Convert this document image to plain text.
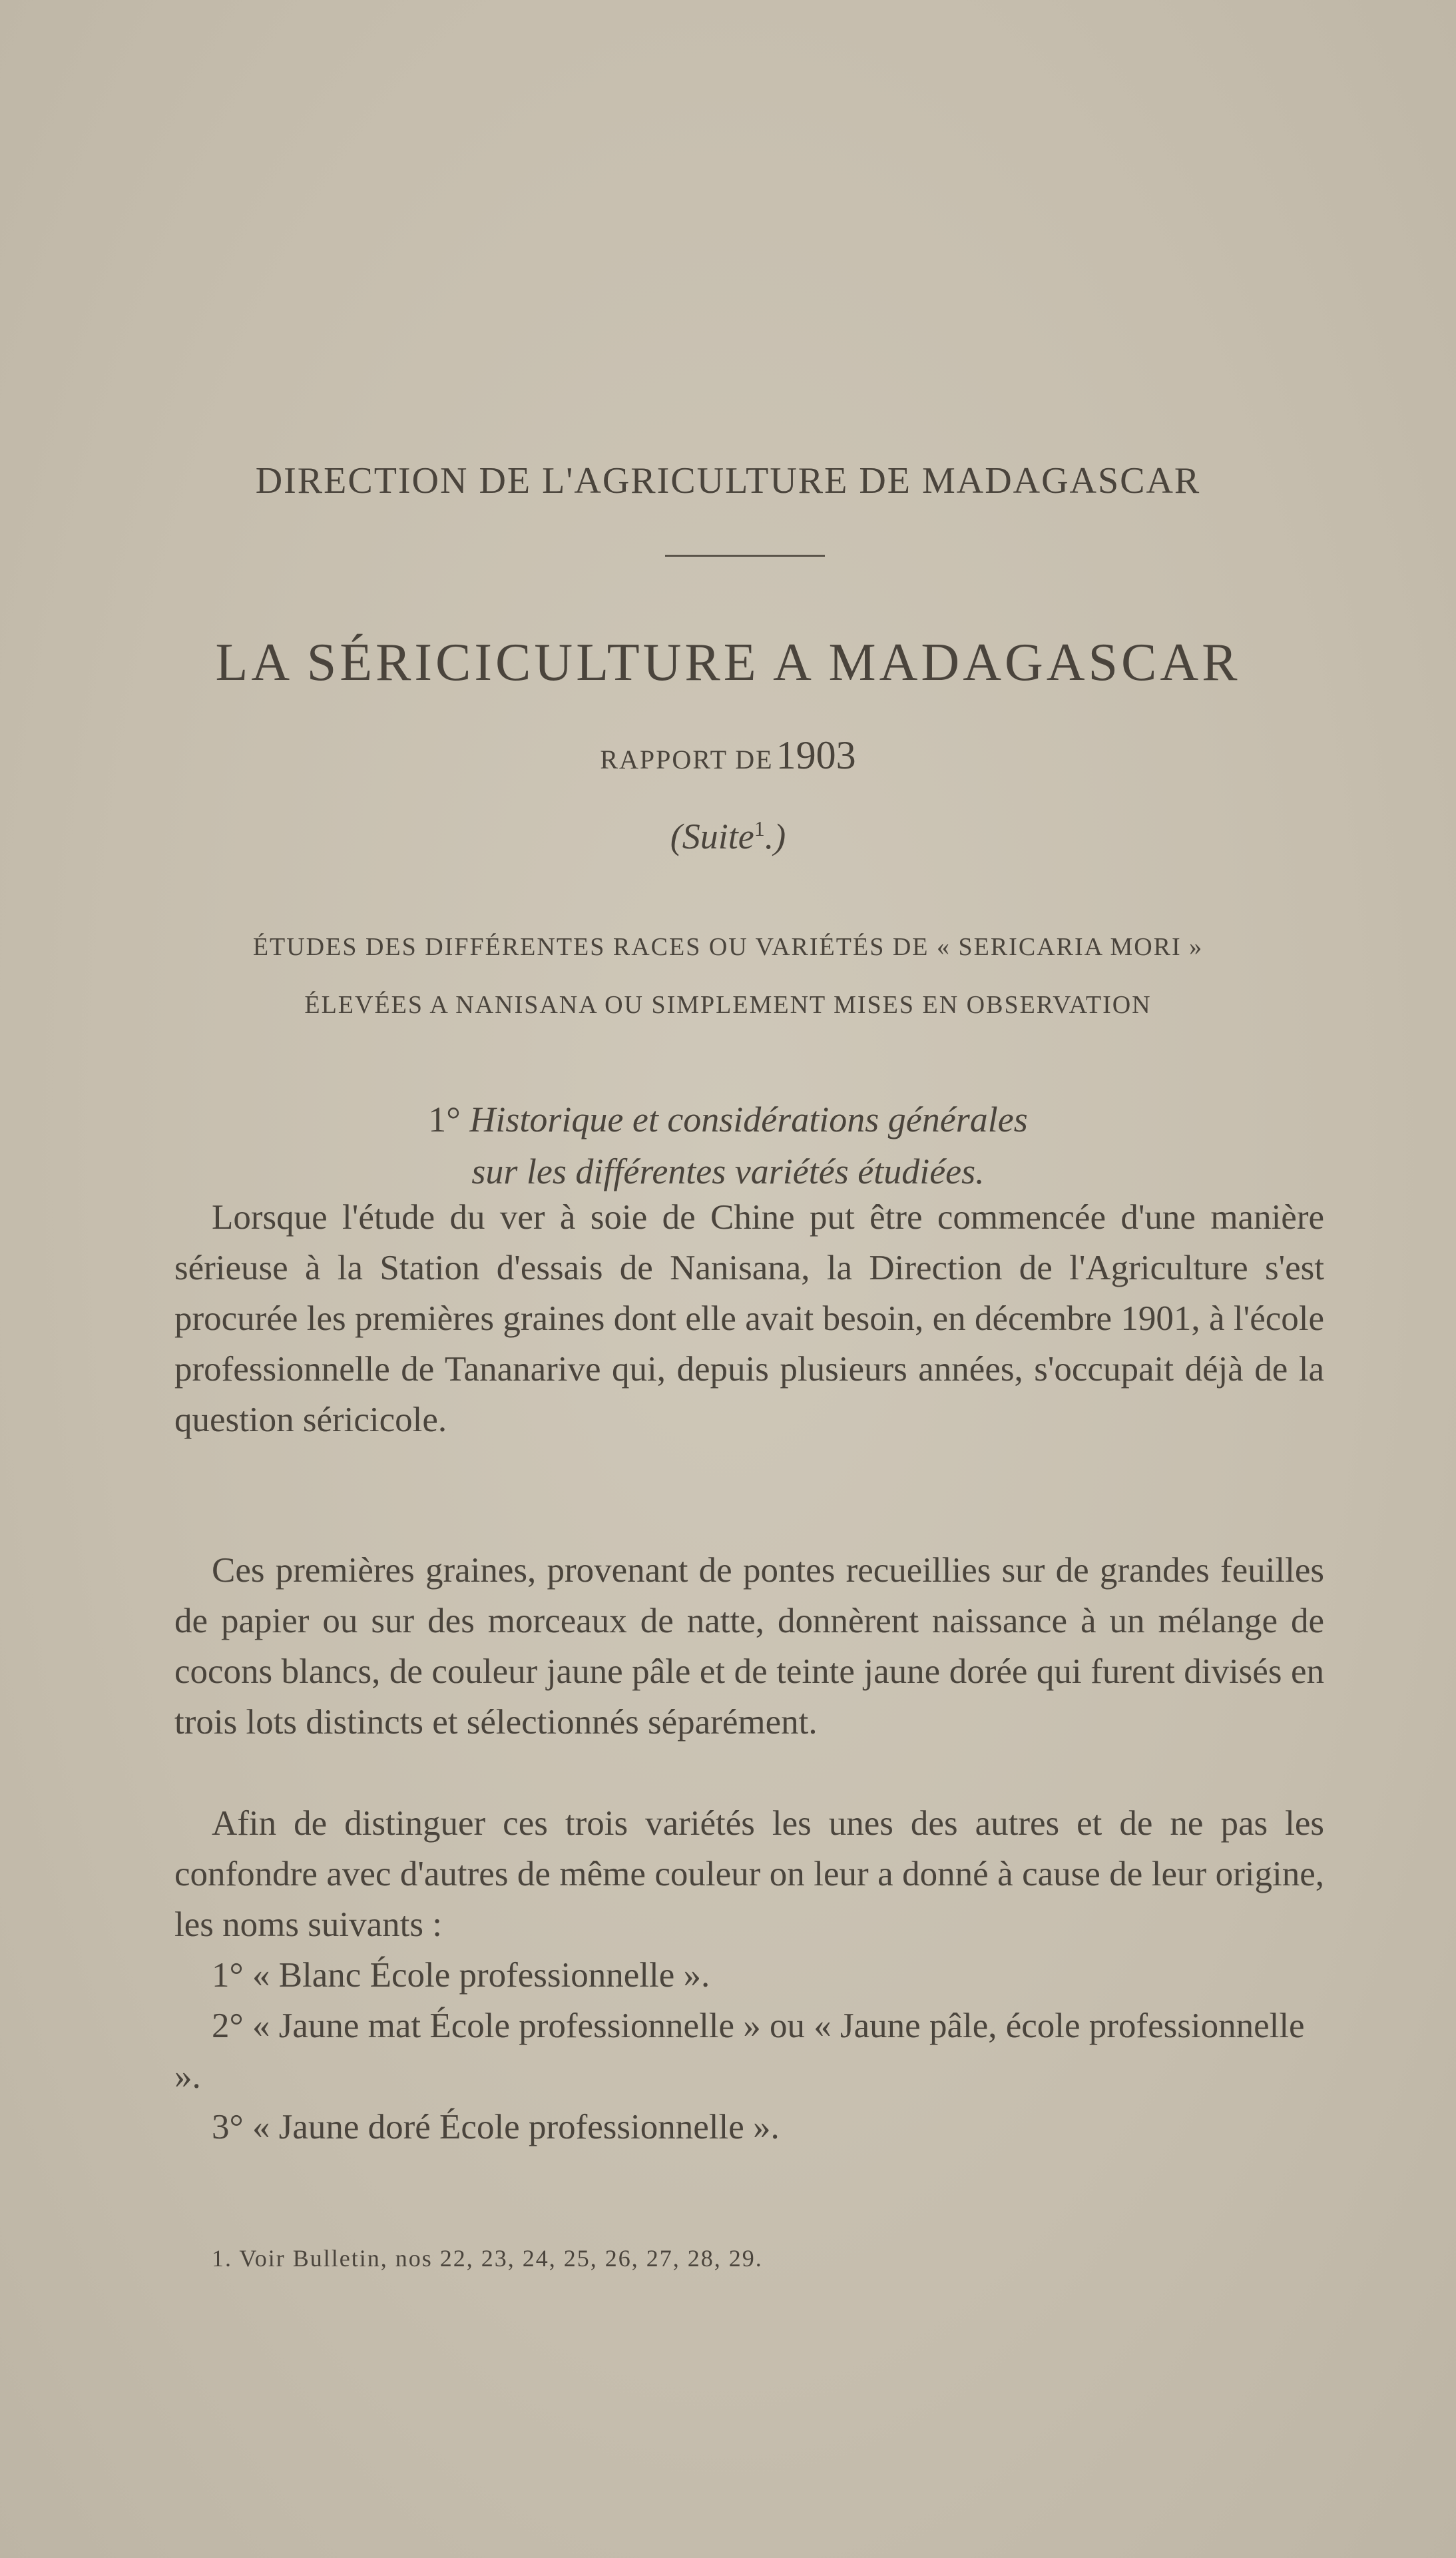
DIRECTION DE L'AGRICULTURE DE MADAGASCAR
LA SÉRICICULTURE A MADAGASCAR
RAPPORT DE 1903
(Suite$^1$.)
ÉTUDES DES DIFFÉRENTES RACES OU VARIÉTÉS DE « SERICARIA MORI »
ÉLEVÉES A NANISANA OU SIMPLEMENT MISES EN OBSERVATION
1° Historique et considérations générales
sur les différentes variétés étudiées.

Lorsque l'étude du ver à soie de Chine put être commencée d'une manière sérieuse à la Station d'essais de Nanisana, la Direction de l'Agriculture s'est procurée les premières graines dont elle avait besoin, en décembre 1901, à l'école professionnelle de Tananarive qui, depuis plusieurs années, s'occupait déjà de la question séricicole.

Ces premières graines, provenant de pontes recueillies sur de grandes feuilles de papier ou sur des morceaux de natte, donnèrent naissance à un mélange de cocons blancs, de couleur jaune pâle et de teinte jaune dorée qui furent divisés en trois lots distincts et sélectionnés séparément.

Afin de distinguer ces trois variétés les unes des autres et de ne pas les confondre avec d'autres de même couleur on leur a donné à cause de leur origine, les noms suivants :

1° « Blanc École professionnelle ».
2° « Jaune mat École professionnelle » ou « Jaune pâle, école professionnelle ».
3° « Jaune doré École professionnelle ».
1. Voir Bulletin, nos 22, 23, 24, 25, 26, 27, 28, 29.
